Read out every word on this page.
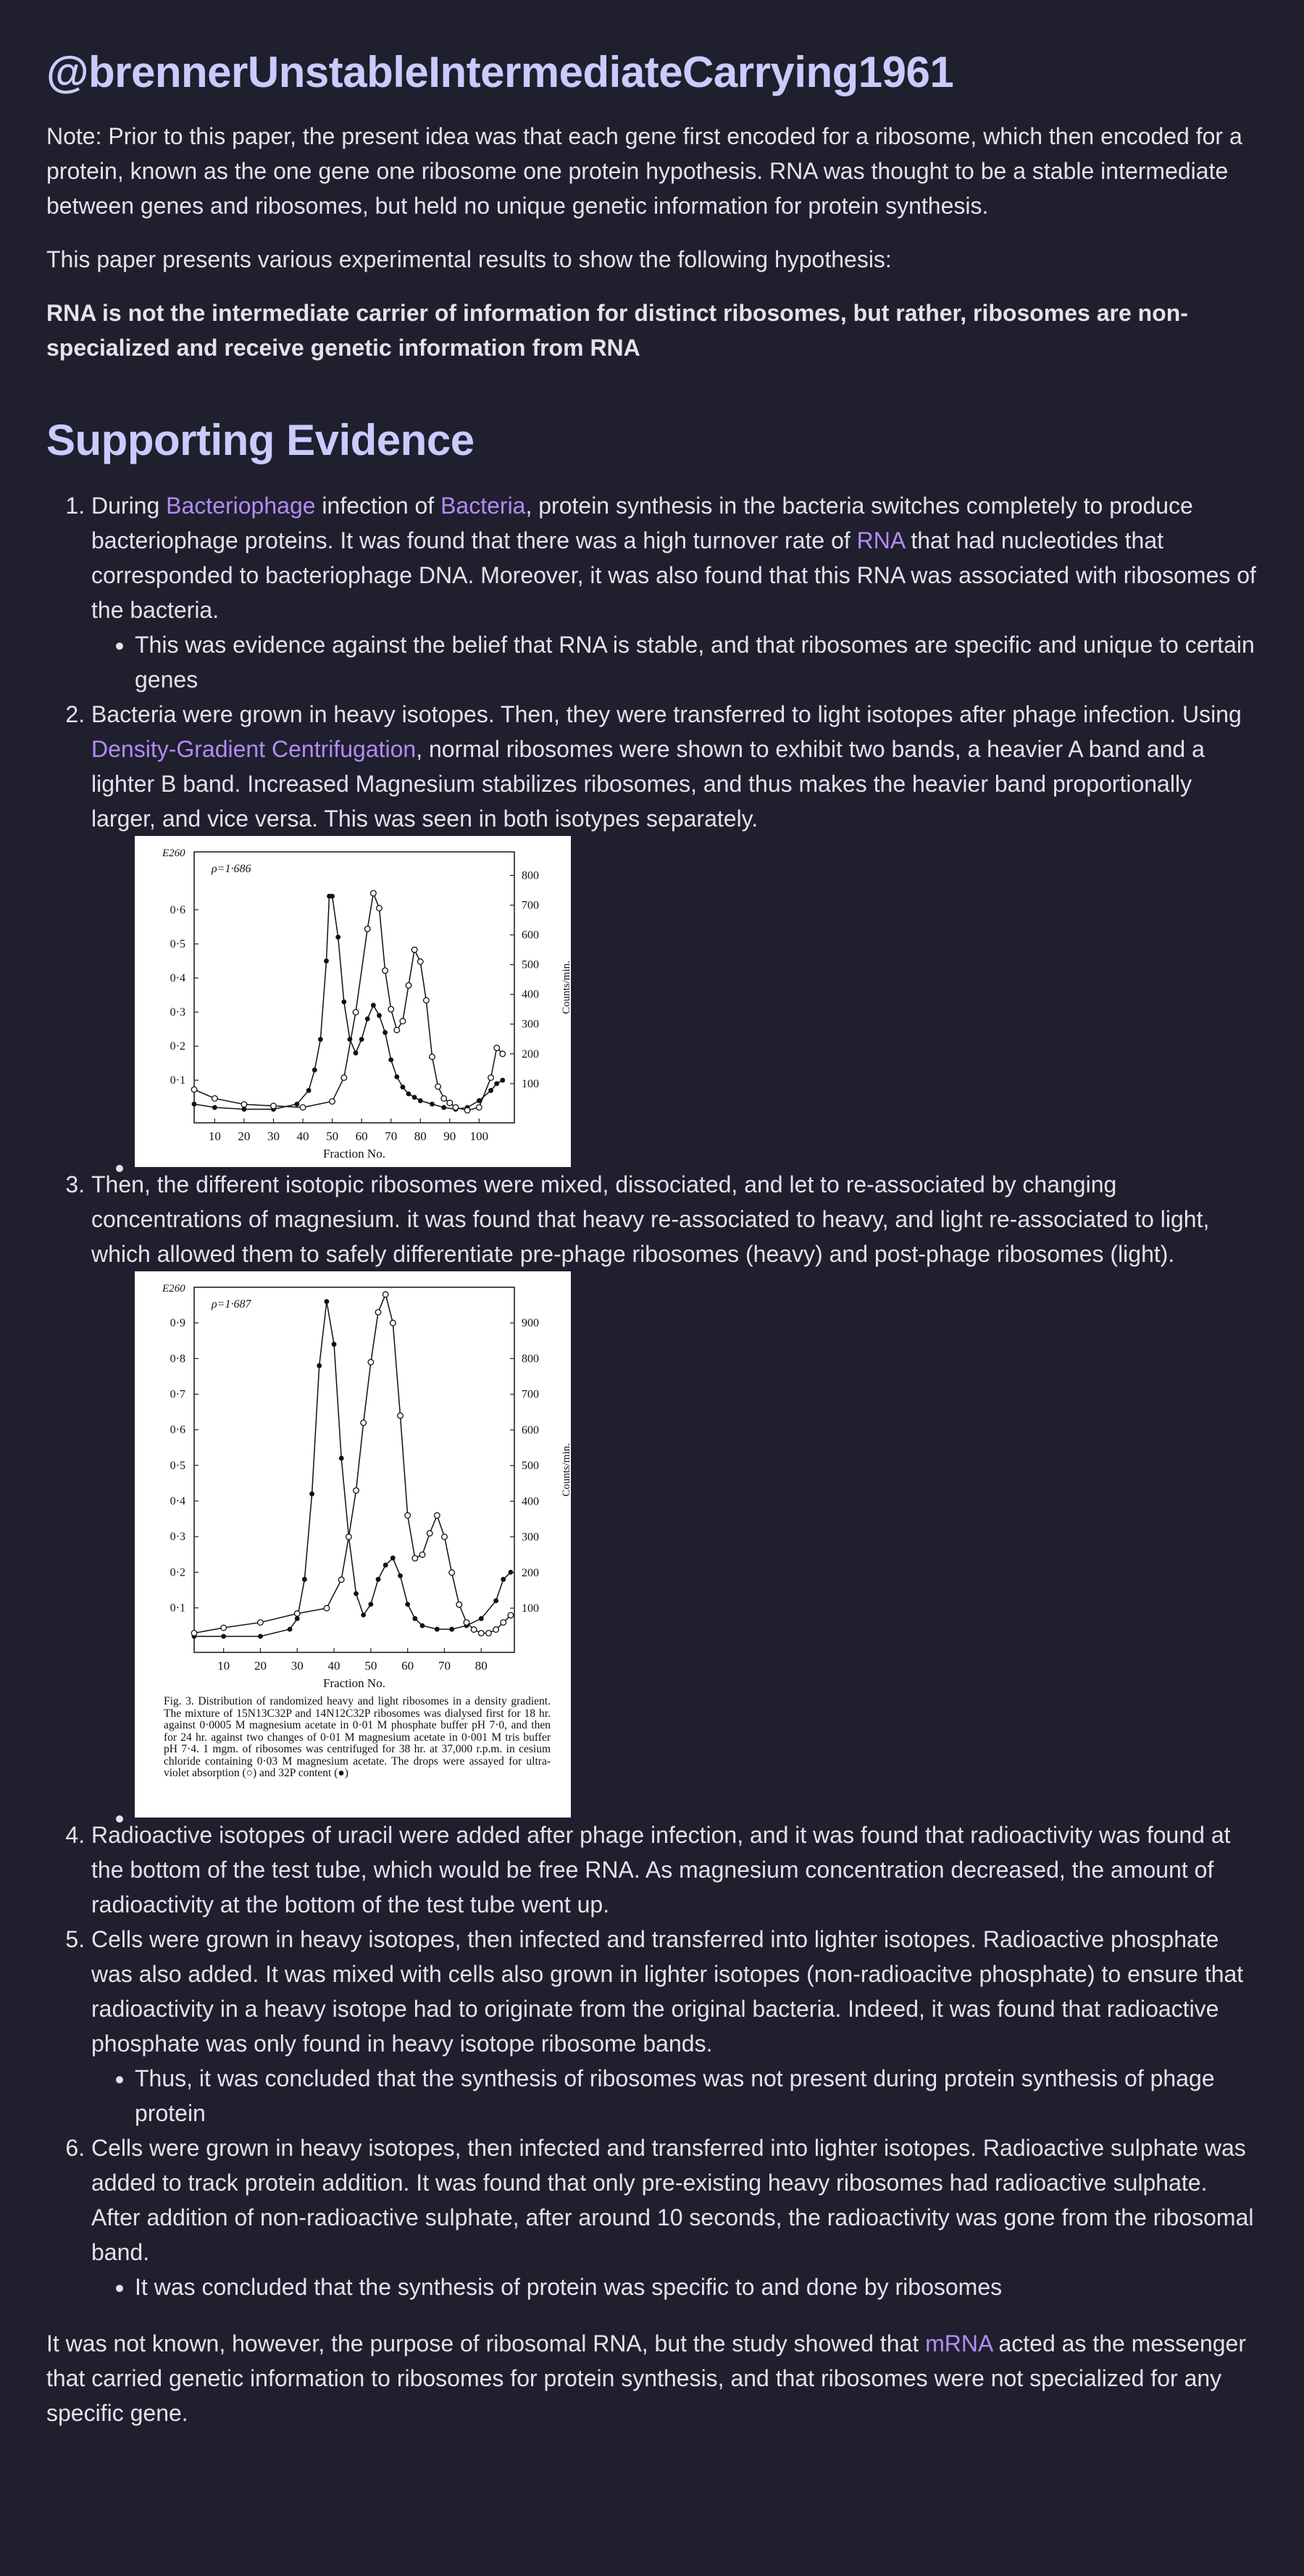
@brennerUnstableIntermediateCarrying1961

Note: Prior to this paper, the present idea was that each gene first encoded for a ribosome, which then encoded for a protein, known as the one gene one ribosome one protein hypothesis. RNA was thought to be a stable intermediate between genes and ribosomes, but held no unique genetic information for protein synthesis.

This paper presents various experimental results to show the following hypothesis:

RNA is not the intermediate carrier of information for distinct ribosomes, but rather, ribosomes are non-specialized and receive genetic information from RNA

Supporting Evidence
1. During Bacteriophage infection of Bacteria, protein synthesis in the bacteria switches completely to produce bacteriophage proteins. It was found that there was a high turnover rate of RNA that had nucleotides that corresponded to bacteriophage DNA. Moreover, it was also found that this RNA was associated with ribosomes of the bacteria.
• This was evidence against the belief that RNA is stable, and that ribosomes are specific and unique to certain genes
2. Bacteria were grown in heavy isotopes. Then, they were transferred to light isotopes after phage infection. Using Density-Gradient Centrifugation, normal ribosomes were shown to exhibit two bands, a heavier A band and a lighter B band. Increased Magnesium stabilizes ribosomes, and thus makes the heavier band proportionally larger, and vice versa. This was seen in both isotypes separately.
• E260
Counts/min.
ρ=1·686
10 20 30 40 50 60 70 80 90 100
0·1
0·2
0·3
0·4
0·5
0·6
100
200
300
400
500
600
700
800
Fraction No.
3. Then, the different isotopic ribosomes were mixed, dissociated, and let to re-associated by changing concentrations of magnesium. it was found that heavy re-associated to heavy, and light re-associated to light, which allowed them to safely differentiate pre-phage ribosomes (heavy) and post-phage ribosomes (light).
• E260
Counts/min.
ρ=1·687
10 20 30 40 50 60 70 80
0·1
0·2
0·3
0·4
0·5
0·6
0·7
0·8
0·9
100
200
300
400
500
600
700
800
900
Fraction No.
Fig. 3. Distribution of randomized heavy and light ribosomes in a density gradient. The mixture of 15N13C32P and 14N12C32P ribosomes was dialysed first for 18 hr. against 0·0005 M magnesium acetate in 0·01 M phosphate buffer pH 7·0, and then for 24 hr. against two changes of 0·01 M magnesium acetate in 0·001 M tris buffer pH 7·4. 1 mgm. of ribosomes was centrifuged for 38 hr. at 37,000 r.p.m. in cesium chloride containing 0·03 M magnesium acetate. The drops were assayed for ultra-violet absorption (○) and 32P content (●)
4. Radioactive isotopes of uracil were added after phage infection, and it was found that radioactivity was found at the bottom of the test tube, which would be free RNA. As magnesium concentration decreased, the amount of radioactivity at the bottom of the test tube went up.
5. Cells were grown in heavy isotopes, then infected and transferred into lighter isotopes. Radioactive phosphate was also added. It was mixed with cells also grown in lighter isotopes (non-radioacitve phosphate) to ensure that radioactivity in a heavy isotope had to originate from the original bacteria. Indeed, it was found that radioactive phosphate was only found in heavy isotope ribosome bands.
• Thus, it was concluded that the synthesis of ribosomes was not present during protein synthesis of phage protein
6. Cells were grown in heavy isotopes, then infected and transferred into lighter isotopes. Radioactive sulphate was added to track protein addition. It was found that only pre-existing heavy ribosomes had radioactive sulphate. After addition of non-radioactive sulphate, after around 10 seconds, the radioactivity was gone from the ribosomal band.
• It was concluded that the synthesis of protein was specific to and done by ribosomes

It was not known, however, the purpose of ribosomal RNA, but the study showed that mRNA acted as the messenger that carried genetic information to ribosomes for protein synthesis, and that ribosomes were not specialized for any specific gene.
